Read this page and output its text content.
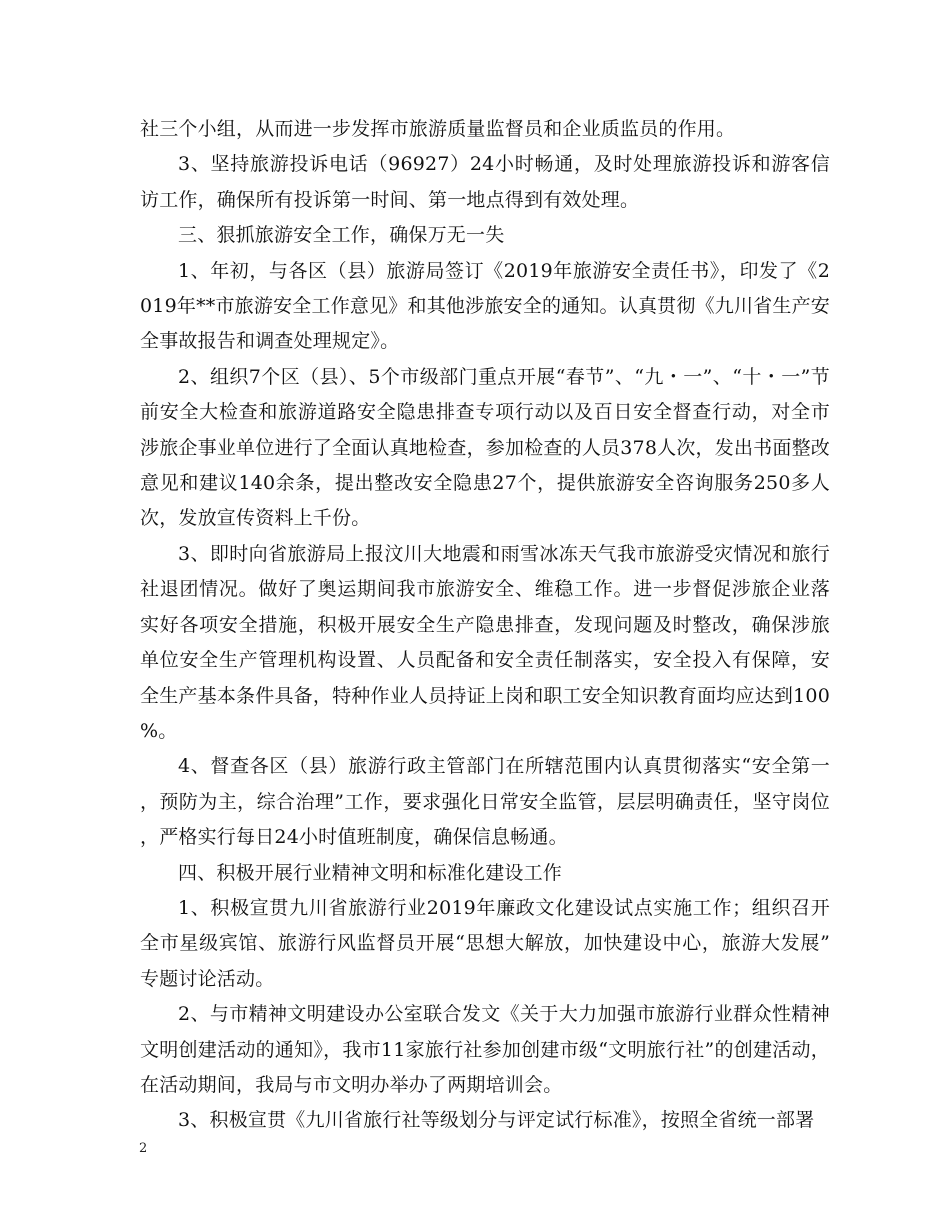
社三个小组，从而进一步发挥市旅游质量监督员和企业质监员的作用。

3、坚持旅游投诉电话（96927）24小时畅通，及时处理旅游投诉和游客信访工作，确保所有投诉第一时间、第一地点得到有效处理。

三、狠抓旅游安全工作，确保万无一失

1、年初，与各区（县）旅游局签订《2019年旅游安全责任书》，印发了《2019年**市旅游安全工作意见》和其他涉旅安全的通知。认真贯彻《九川省生产安全事故报告和调查处理规定》。

2、组织7个区（县）、5个市级部门重点开展“春节”、“九・一”、“十・一”节前安全大检查和旅游道路安全隐患排查专项行动以及百日安全督查行动，对全市涉旅企事业单位进行了全面认真地检查，参加检查的人员378人次，发出书面整改意见和建议140余条，提出整改安全隐患27个，提供旅游安全咨询服务250多人次，发放宣传资料上千份。

3、即时向省旅游局上报汶川大地震和雨雪冰冻天气我市旅游受灾情况和旅行社退团情况。做好了奥运期间我市旅游安全、维稳工作。进一步督促涉旅企业落实好各项安全措施，积极开展安全生产隐患排查，发现问题及时整改，确保涉旅单位安全生产管理机构设置、人员配备和安全责任制落实，安全投入有保障，安全生产基本条件具备，特种作业人员持证上岗和职工安全知识教育面均应达到100%。

4、督查各区（县）旅游行政主管部门在所辖范围内认真贯彻落实“安全第一，预防为主，综合治理”工作，要求强化日常安全监管，层层明确责任，坚守岗位，严格实行每日24小时值班制度，确保信息畅通。

四、积极开展行业精神文明和标准化建设工作

1、积极宣贯九川省旅游行业2019年廉政文化建设试点实施工作；组织召开全市星级宾馆、旅游行风监督员开展“思想大解放，加快建设中心，旅游大发展”专题讨论活动。

2、与市精神文明建设办公室联合发文《关于大力加强市旅游行业群众性精神文明创建活动的通知》，我市11家旅行社参加创建市级“文明旅行社”的创建活动，在活动期间，我局与市文明办举办了两期培训会。

3、积极宣贯《九川省旅行社等级划分与评定试行标准》，按照全省统一部署

2
